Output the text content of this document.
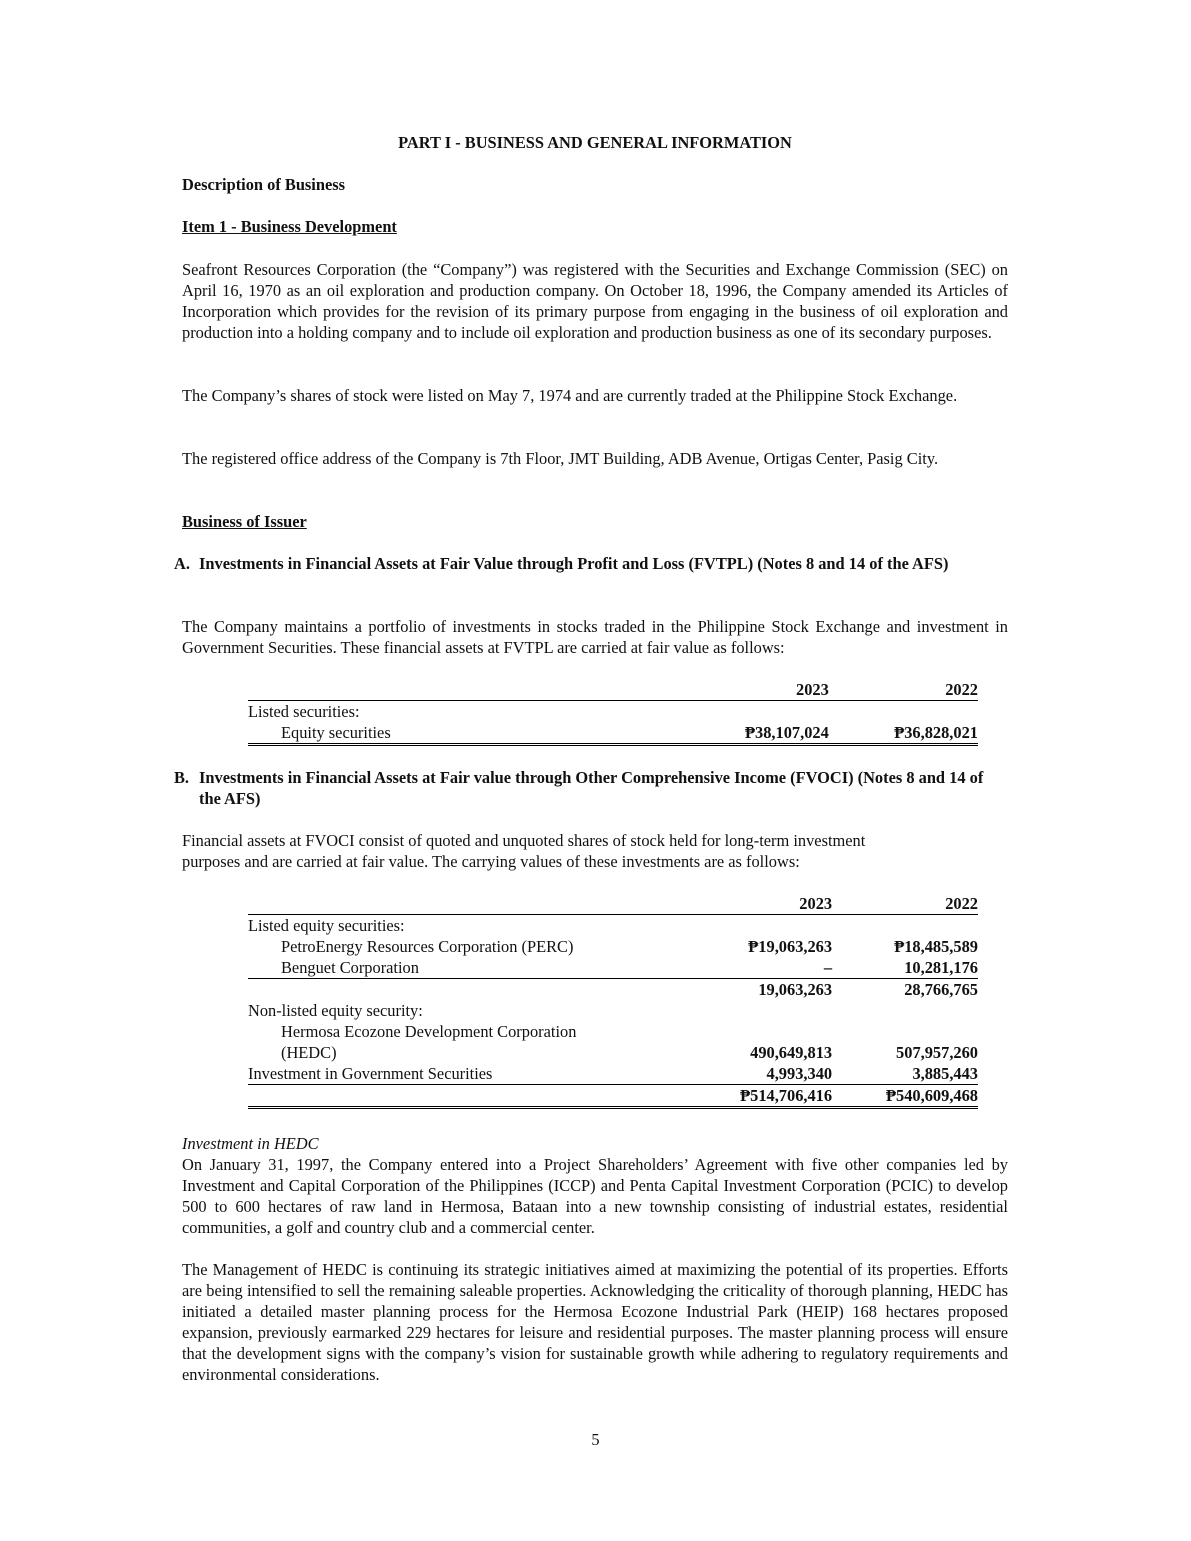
PART I - BUSINESS AND GENERAL INFORMATION
Description of Business
Item 1 - Business Development
Seafront Resources Corporation (the “Company”) was registered with the Securities and Exchange Commission (SEC) on April 16, 1970 as an oil exploration and production company. On October 18, 1996, the Company amended its Articles of Incorporation which provides for the revision of its primary purpose from engaging in the business of oil exploration and production into a holding company and to include oil exploration and production business as one of its secondary purposes.
The Company’s shares of stock were listed on May 7, 1974 and are currently traded at the Philippine Stock Exchange.
The registered office address of the Company is 7th Floor, JMT Building, ADB Avenue, Ortigas Center, Pasig City.
Business of Issuer
A. Investments in Financial Assets at Fair Value through Profit and Loss (FVTPL) (Notes 8 and 14 of the AFS)
The Company maintains a portfolio of investments in stocks traded in the Philippine Stock Exchange and investment in Government Securities. These financial assets at FVTPL are carried at fair value as follows:
	2023	2022
Listed securities:		
Equity securities	₱38,107,024	₱36,828,021
B. Investments in Financial Assets at Fair value through Other Comprehensive Income (FVOCI) (Notes 8 and 14 of the AFS)
Financial assets at FVOCI consist of quoted and unquoted shares of stock held for long-term investment
purposes and are carried at fair value. The carrying values of these investments are as follows:
	2023	2022
Listed equity securities:		
PetroEnergy Resources Corporation (PERC)	₱19,063,263	₱18,485,589
Benguet Corporation	–	10,281,176
	19,063,263	28,766,765
Non-listed equity security:		
Hermosa Ecozone Development Corporation		
(HEDC)	490,649,813	507,957,260
Investment in Government Securities	4,993,340	3,885,443
	₱514,706,416	₱540,609,468
Investment in HEDC
On January 31, 1997, the Company entered into a Project Shareholders’ Agreement with five other companies led by Investment and Capital Corporation of the Philippines (ICCP) and Penta Capital Investment Corporation (PCIC) to develop 500 to 600 hectares of raw land in Hermosa, Bataan into a new township consisting of industrial estates, residential communities, a golf and country club and a commercial center.
The Management of HEDC is continuing its strategic initiatives aimed at maximizing the potential of its properties. Efforts are being intensified to sell the remaining saleable properties. Acknowledging the criticality of thorough planning, HEDC has initiated a detailed master planning process for the Hermosa Ecozone Industrial Park (HEIP) 168 hectares proposed expansion, previously earmarked 229 hectares for leisure and residential purposes. The master planning process will ensure that the development signs with the company’s vision for sustainable growth while adhering to regulatory requirements and environmental considerations.
5
